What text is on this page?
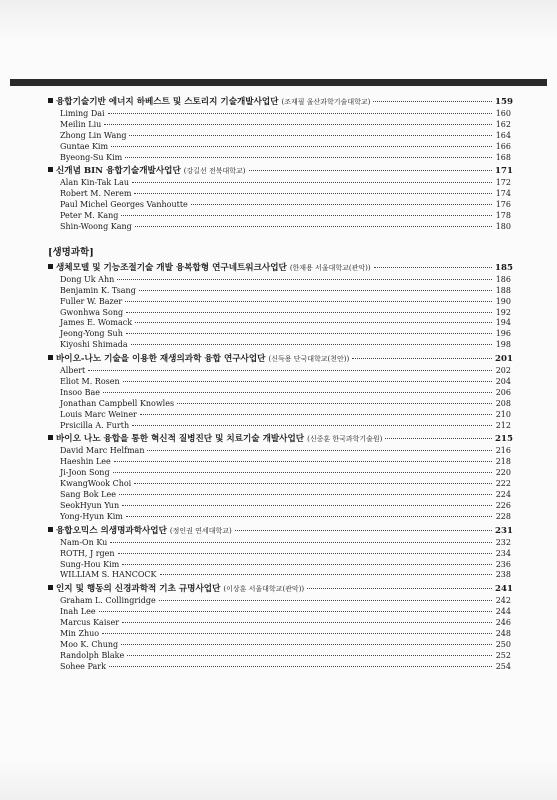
융합기술기반 에너지 하베스트 및 스토리지 기술개발사업단 (조재필 울산과학기술대학교)	159
Liming Dai	160
Meilin Liu	162
Zhong Lin Wang	164
Guntae Kim	166
Byeong-Su Kim	168
신개념 BIN 융합기술개발사업단 (강길선 전북대학교)	171
Alan Kin-Tak Lau	172
Robert M. Nerem	174
Paul Michel Georges Vanhoutte	176
Peter M. Kang	178
Shin-Woong Kang	180
[생명과학]
생체모델 및 기능조절기술 개발 융복합형 연구네트워크사업단 (한재용 서울대학교(관악))	185
Dong Uk Ahn	186
Benjamin K. Tsang	188
Fuller W. Bazer	190
Gwonhwa Song	192
James E. Womack	194
Jeong-Yong Suh	196
Kiyoshi Shimada	198
바이오-나노 기술을 이용한 재생의과학 융합 연구사업단 (신득용 단국대학교(천안))	201
Albert	202
Eliot M. Rosen	204
Insoo Bae	206
Jonathan Campbell Knowles	208
Louis Marc Weiner	210
Prsicilla A. Furth	212
바이오 나노 융합을 통한 혁신적 질병진단 및 치료기술 개발사업단 (신중훈 한국과학기술원)	215
David Marc Helfman	216
Haeshin Lee	218
Ji-Joon Song	220
KwangWook Choi	222
Sang Bok Lee	224
SeokHyun Yun	226
Yong-Hyun Kim	228
융합오믹스 의생명과학사업단 (정인권 연세대학교)	231
Nam-On Ku	232
ROTH, J rgen	234
Sung-Hou Kim	236
WILLIAM S. HANCOCK	238
인지 및 행동의 신경과학적 기초 규명사업단 (이상훈 서울대학교(관악))	241
Graham L. Collingridge	242
Inah Lee	244
Marcus Kaiser	246
Min Zhuo	248
Moo K. Chung	250
Randolph Blake	252
Sohee Park	254
